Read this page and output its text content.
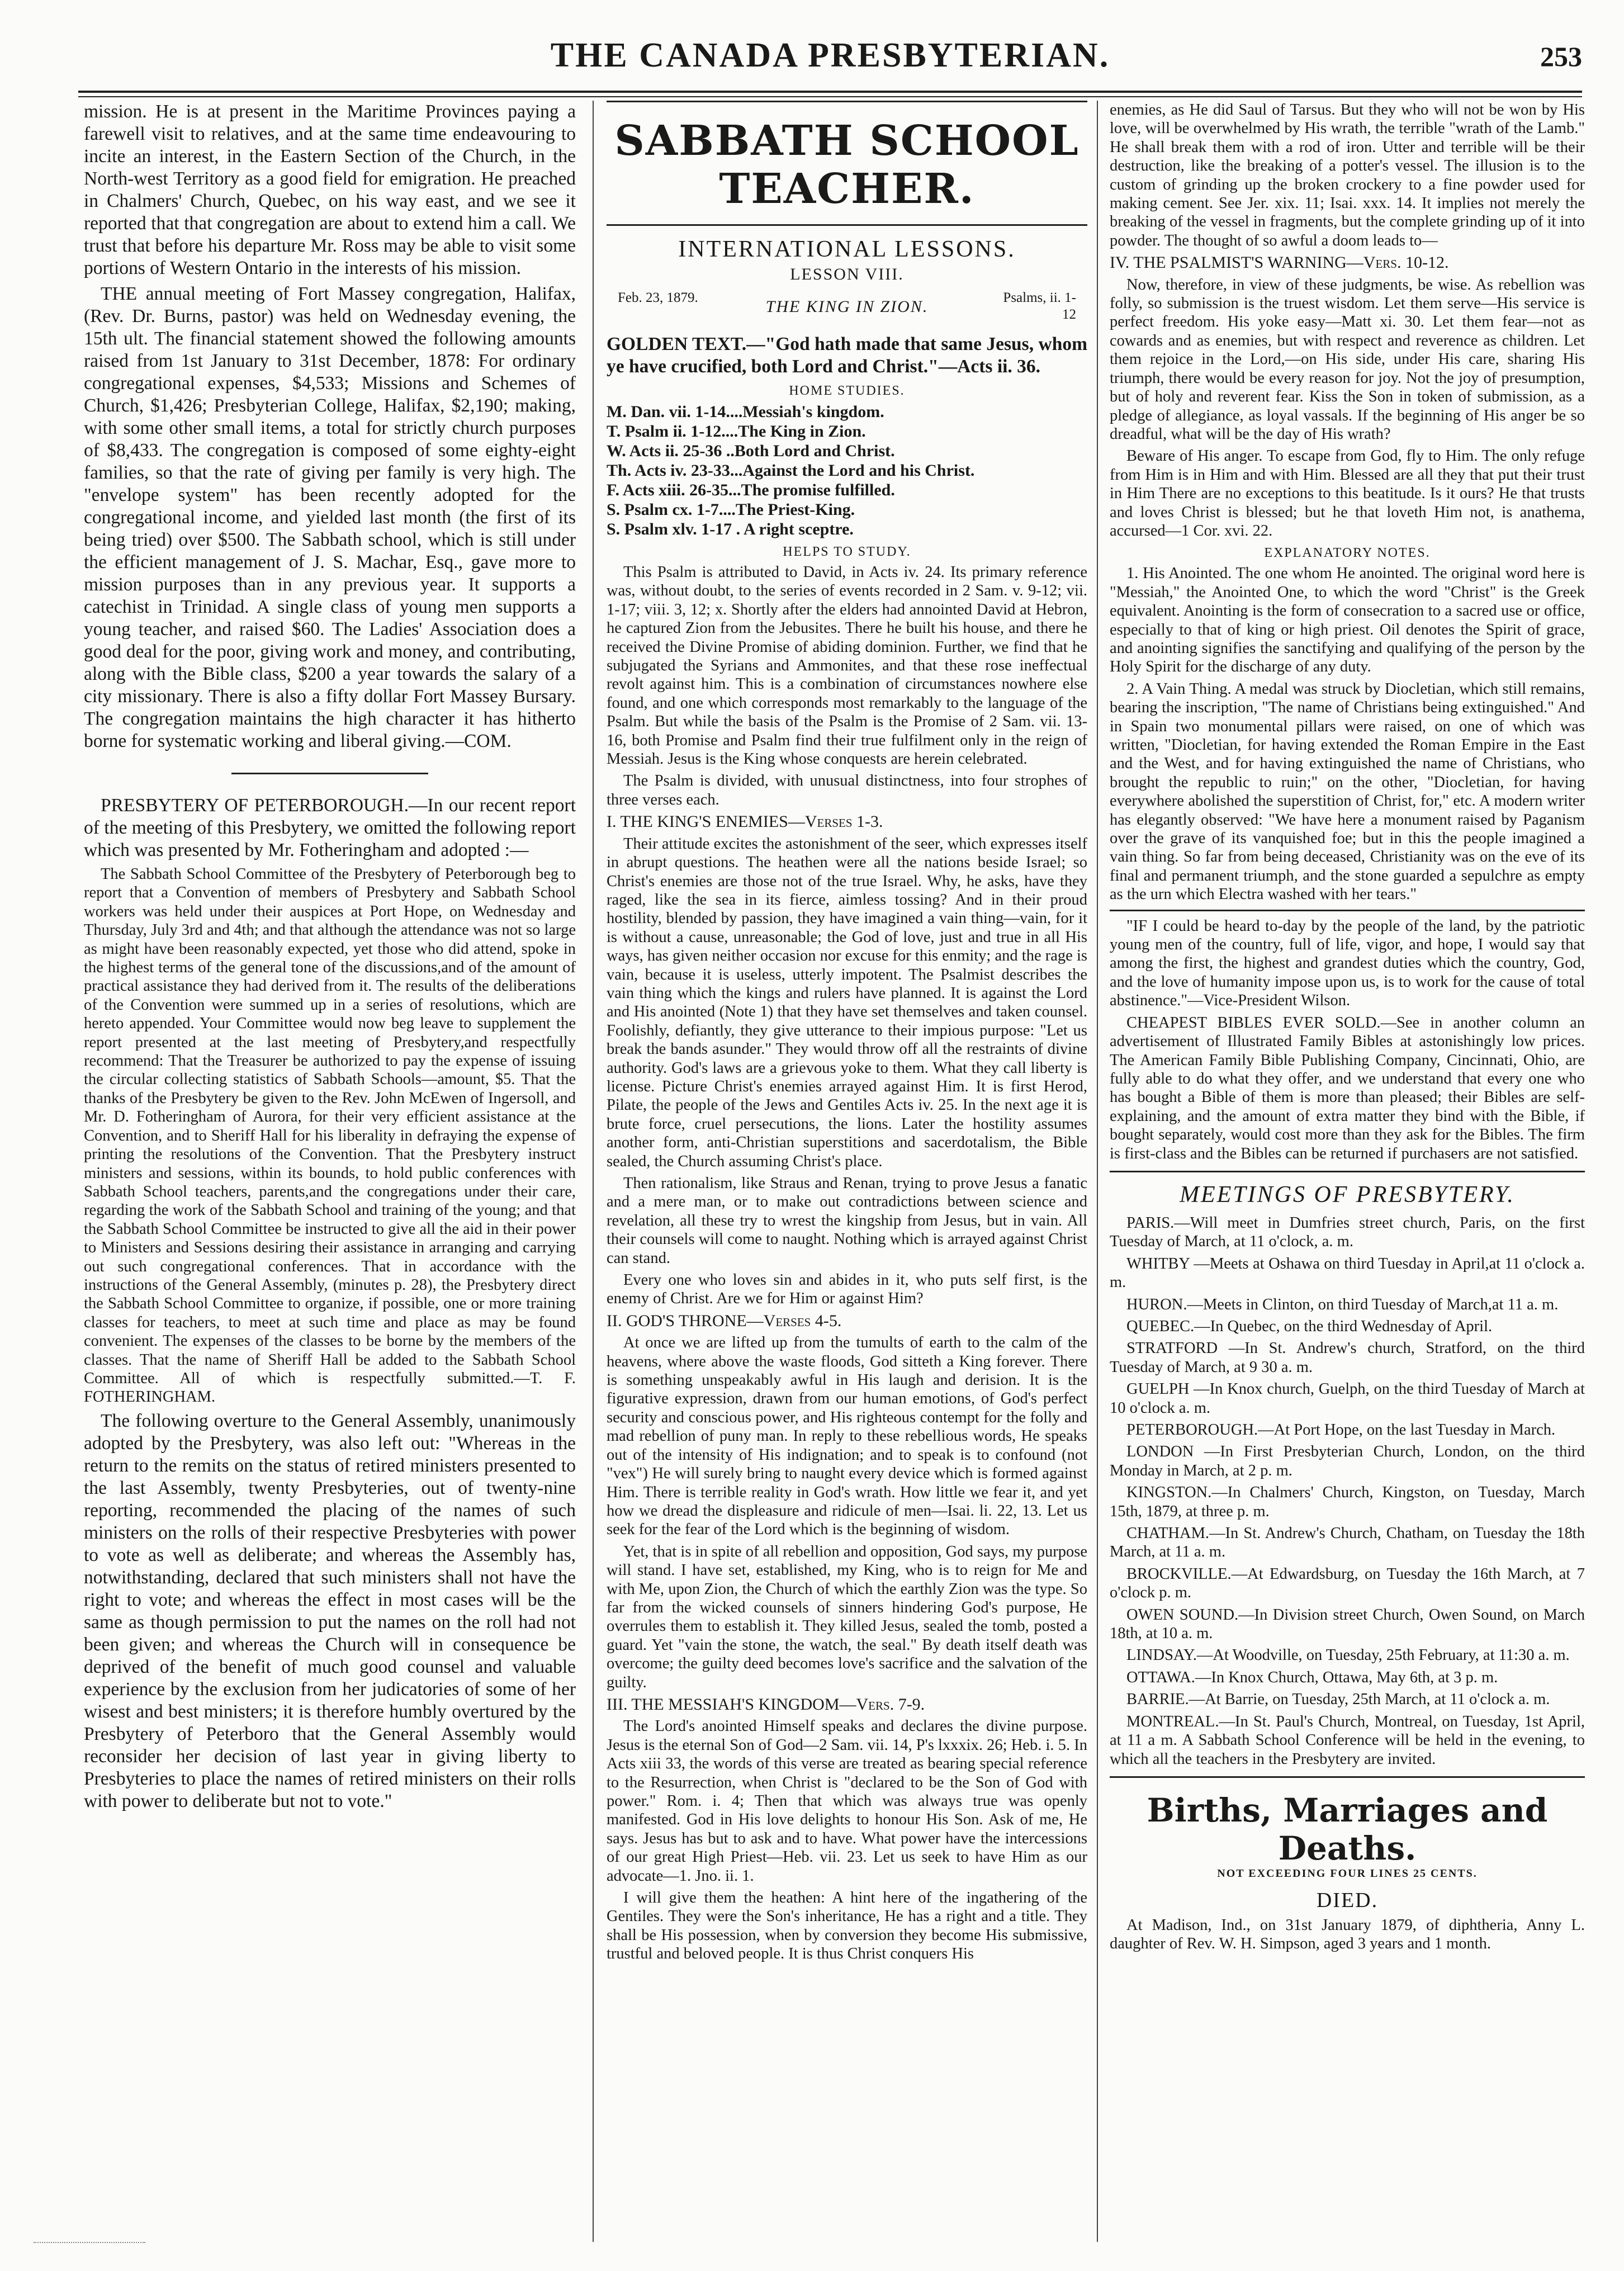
THE CANADA PRESBYTERIAN.	253

mission. He is at present in the Maritime Provinces paying a farewell visit to relatives, and at the same time endeavouring to incite an interest, in the Eastern Section of the Church, in the North-west Territory as a good field for emigration. He preached in Chalmers' Church, Quebec, on his way east, and we see it reported that that congregation are about to extend him a call. We trust that before his departure Mr. Ross may be able to visit some portions of Western Ontario in the interests of his mission.

THE annual meeting of Fort Massey congregation, Halifax, (Rev. Dr. Burns, pastor) was held on Wednesday evening, the 15th ult. The financial statement showed the following amounts raised from 1st January to 31st December, 1878: For ordinary congregational expenses, $4,533; Missions and Schemes of Church, $1,426; Presbyterian College, Halifax, $2,190; making, with some other small items, a total for strictly church purposes of $8,433. The congregation is composed of some eighty-eight families, so that the rate of giving per family is very high. The "envelope system" has been recently adopted for the congregational income, and yielded last month (the first of its being tried) over $500. The Sabbath school, which is still under the efficient management of J. S. Machar, Esq., gave more to mission purposes than in any previous year. It supports a catechist in Trinidad. A single class of young men supports a young teacher, and raised $60. The Ladies' Association does a good deal for the poor, giving work and money, and contributing, along with the Bible class, $200 a year towards the salary of a city missionary. There is also a fifty dollar Fort Massey Bursary. The congregation maintains the high character it has hitherto borne for systematic working and liberal giving.—COM.

PRESBYTERY OF PETERBOROUGH.—In our recent report of the meeting of this Presbytery, we omitted the following report which was presented by Mr. Fotheringham and adopted :—

The Sabbath School Committee of the Presbytery of Peterborough beg to report that a Convention of members of Presbytery and Sabbath School workers was held under their auspices at Port Hope, on Wednesday and Thursday, July 3rd and 4th; and that although the attendance was not so large as might have been reasonably expected, yet those who did attend, spoke in the highest terms of the general tone of the discussions,and of the amount of practical assistance they had derived from it. The results of the deliberations of the Convention were summed up in a series of resolutions, which are hereto appended. Your Committee would now beg leave to supplement the report presented at the last meeting of Presbytery,and respectfully recommend: That the Treasurer be authorized to pay the expense of issuing the circular collecting statistics of Sabbath Schools—amount, $5. That the thanks of the Presbytery be given to the Rev. John McEwen of Ingersoll, and Mr. D. Fotheringham of Aurora, for their very efficient assistance at the Convention, and to Sheriff Hall for his liberality in defraying the expense of printing the resolutions of the Convention. That the Presbytery instruct ministers and sessions, within its bounds, to hold public conferences with Sabbath School teachers, parents,and the congregations under their care, regarding the work of the Sabbath School and training of the young; and that the Sabbath School Committee be instructed to give all the aid in their power to Ministers and Sessions desiring their assistance in arranging and carrying out such congregational conferences. That in accordance with the instructions of the General Assembly, (minutes p. 28), the Presbytery direct the Sabbath School Committee to organize, if possible, one or more training classes for teachers, to meet at such time and place as may be found convenient. The expenses of the classes to be borne by the members of the classes. That the name of Sheriff Hall be added to the Sabbath School Committee. All of which is respectfully submitted.—T. F. FOTHERINGHAM.

The following overture to the General Assembly, unanimously adopted by the Presbytery, was also left out: "Whereas in the return to the remits on the status of retired ministers presented to the last Assembly, twenty Presbyteries, out of twenty-nine reporting, recommended the placing of the names of such ministers on the rolls of their respective Presbyteries with power to vote as well as deliberate; and whereas the Assembly has, notwithstanding, declared that such ministers shall not have the right to vote; and whereas the effect in most cases will be the same as though permission to put the names on the roll had not been given; and whereas the Church will in consequence be deprived of the benefit of much good counsel and valuable experience by the exclusion from her judicatories of some of her wisest and best ministers; it is therefore humbly overtured by the Presbytery of Peterboro that the General Assembly would reconsider her decision of last year in giving liberty to Presbyteries to place the names of retired ministers on their rolls with power to deliberate but not to vote."

SABBATH SCHOOL TEACHER.
INTERNATIONAL LESSONS.
LESSON VIII.
Feb. 23, 1879.	THE KING IN ZION.	Psalms, ii. 1-12

GOLDEN TEXT.—"God hath made that same Jesus, whom ye have crucified, both Lord and Christ."—Acts ii. 36.

HOME STUDIES.

M. Dan. vii. 1-14....Messiah's kingdom.

T. Psalm ii. 1-12....The King in Zion.

W. Acts ii. 25-36 ..Both Lord and Christ.

Th. Acts iv. 23-33...Against the Lord and his Christ.

F. Acts xiii. 26-35...The promise fulfilled.

S. Psalm cx. 1-7....The Priest-King.

S. Psalm xlv. 1-17 . A right sceptre.

HELPS TO STUDY.

This Psalm is attributed to David, in Acts iv. 24. Its primary reference was, without doubt, to the series of events recorded in 2 Sam. v. 9-12; vii. 1-17; viii. 3, 12; x. Shortly after the elders had annointed David at Hebron, he captured Zion from the Jebusites. There he built his house, and there he received the Divine Promise of abiding dominion. Further, we find that he subjugated the Syrians and Ammonites, and that these rose ineffectual revolt against him. This is a combination of circumstances nowhere else found, and one which corresponds most remarkably to the language of the Psalm. But while the basis of the Psalm is the Promise of 2 Sam. vii. 13-16, both Promise and Psalm find their true fulfilment only in the reign of Messiah. Jesus is the King whose conquests are herein celebrated.

The Psalm is divided, with unusual distinctness, into four strophes of three verses each.

I. THE KING'S ENEMIES—Verses 1-3.

Their attitude excites the astonishment of the seer, which expresses itself in abrupt questions. The heathen were all the nations beside Israel; so Christ's enemies are those not of the true Israel. Why, he asks, have they raged, like the sea in its fierce, aimless tossing? And in their proud hostility, blended by passion, they have imagined a vain thing—vain, for it is without a cause, unreasonable; the God of love, just and true in all His ways, has given neither occasion nor excuse for this enmity; and the rage is vain, because it is useless, utterly impotent. The Psalmist describes the vain thing which the kings and rulers have planned. It is against the Lord and His anointed (Note 1) that they have set themselves and taken counsel. Foolishly, defiantly, they give utterance to their impious purpose: "Let us break the bands asunder." They would throw off all the restraints of divine authority. God's laws are a grievous yoke to them. What they call liberty is license. Picture Christ's enemies arrayed against Him. It is first Herod, Pilate, the people of the Jews and Gentiles Acts iv. 25. In the next age it is brute force, cruel persecutions, the lions. Later the hostility assumes another form, anti-Christian superstitions and sacerdotalism, the Bible sealed, the Church assuming Christ's place.

Then rationalism, like Straus and Renan, trying to prove Jesus a fanatic and a mere man, or to make out contradictions between science and revelation, all these try to wrest the kingship from Jesus, but in vain. All their counsels will come to naught. Nothing which is arrayed against Christ can stand.

Every one who loves sin and abides in it, who puts self first, is the enemy of Christ. Are we for Him or against Him?

II. GOD'S THRONE—Verses 4-5.

At once we are lifted up from the tumults of earth to the calm of the heavens, where above the waste floods, God sitteth a King forever. There is something unspeakably awful in His laugh and derision. It is the figurative expression, drawn from our human emotions, of God's perfect security and conscious power, and His righteous contempt for the folly and mad rebellion of puny man. In reply to these rebellious words, He speaks out of the intensity of His indignation; and to speak is to confound (not "vex") He will surely bring to naught every device which is formed against Him. There is terrible reality in God's wrath. How little we fear it, and yet how we dread the displeasure and ridicule of men—Isai. li. 22, 13. Let us seek for the fear of the Lord which is the beginning of wisdom.

Yet, that is in spite of all rebellion and opposition, God says, my purpose will stand. I have set, established, my King, who is to reign for Me and with Me, upon Zion, the Church of which the earthly Zion was the type. So far from the wicked counsels of sinners hindering God's purpose, He overrules them to establish it. They killed Jesus, sealed the tomb, posted a guard. Yet "vain the stone, the watch, the seal." By death itself death was overcome; the guilty deed becomes love's sacrifice and the salvation of the guilty.

III. THE MESSIAH'S KINGDOM—Vers. 7-9.

The Lord's anointed Himself speaks and declares the divine purpose. Jesus is the eternal Son of God—2 Sam. vii. 14, P's lxxxix. 26; Heb. i. 5. In Acts xiii 33, the words of this verse are treated as bearing special reference to the Resurrection, when Christ is "declared to be the Son of God with power." Rom. i. 4; Then that which was always true was openly manifested. God in His love delights to honour His Son. Ask of me, He says. Jesus has but to ask and to have. What power have the intercessions of our great High Priest—Heb. vii. 23. Let us seek to have Him as our advocate—1. Jno. ii. 1.

I will give them the heathen: A hint here of the ingathering of the Gentiles. They were the Son's inheritance, He has a right and a title. They shall be His possession, when by conversion they become His submissive, trustful and beloved people. It is thus Christ conquers His

enemies, as He did Saul of Tarsus. But they who will not be won by His love, will be overwhelmed by His wrath, the terrible "wrath of the Lamb." He shall break them with a rod of iron. Utter and terrible will be their destruction, like the breaking of a potter's vessel. The illusion is to the custom of grinding up the broken crockery to a fine powder used for making cement. See Jer. xix. 11; Isai. xxx. 14. It implies not merely the breaking of the vessel in fragments, but the complete grinding up of it into powder. The thought of so awful a doom leads to—

IV. THE PSALMIST'S WARNING—Vers. 10-12.

Now, therefore, in view of these judgments, be wise. As rebellion was folly, so submission is the truest wisdom. Let them serve—His service is perfect freedom. His yoke easy—Matt xi. 30. Let them fear—not as cowards and as enemies, but with respect and reverence as children. Let them rejoice in the Lord,—on His side, under His care, sharing His triumph, there would be every reason for joy. Not the joy of presumption, but of holy and reverent fear. Kiss the Son in token of submission, as a pledge of allegiance, as loyal vassals. If the beginning of His anger be so dreadful, what will be the day of His wrath?

Beware of His anger. To escape from God, fly to Him. The only refuge from Him is in Him and with Him. Blessed are all they that put their trust in Him There are no exceptions to this beatitude. Is it ours? He that trusts and loves Christ is blessed; but he that loveth Him not, is anathema, accursed—1 Cor. xvi. 22.

EXPLANATORY NOTES.

1. His Anointed. The one whom He anointed. The original word here is "Messiah," the Anointed One, to which the word "Christ" is the Greek equivalent. Anointing is the form of consecration to a sacred use or office, especially to that of king or high priest. Oil denotes the Spirit of grace, and anointing signifies the sanctifying and qualifying of the person by the Holy Spirit for the discharge of any duty.

2. A Vain Thing. A medal was struck by Diocletian, which still remains, bearing the inscription, "The name of Christians being extinguished." And in Spain two monumental pillars were raised, on one of which was written, "Diocletian, for having extended the Roman Empire in the East and the West, and for having extinguished the name of Christians, who brought the republic to ruin;" on the other, "Diocletian, for having everywhere abolished the superstition of Christ, for," etc. A modern writer has elegantly observed: "We have here a monument raised by Paganism over the grave of its vanquished foe; but in this the people imagined a vain thing. So far from being deceased, Christianity was on the eve of its final and permanent triumph, and the stone guarded a sepulchre as empty as the urn which Electra washed with her tears."

"IF I could be heard to-day by the people of the land, by the patriotic young men of the country, full of life, vigor, and hope, I would say that among the first, the highest and grandest duties which the country, God, and the love of humanity impose upon us, is to work for the cause of total abstinence."—Vice-President Wilson.

CHEAPEST BIBLES EVER SOLD.—See in another column an advertisement of Illustrated Family Bibles at astonishingly low prices. The American Family Bible Publishing Company, Cincinnati, Ohio, are fully able to do what they offer, and we understand that every one who has bought a Bible of them is more than pleased; their Bibles are self-explaining, and the amount of extra matter they bind with the Bible, if bought separately, would cost more than they ask for the Bibles. The firm is first-class and the Bibles can be returned if purchasers are not satisfied.

MEETINGS OF PRESBYTERY.

PARIS.—Will meet in Dumfries street church, Paris, on the first Tuesday of March, at 11 o'clock, a. m.

WHITBY —Meets at Oshawa on third Tuesday in April,at 11 o'clock a. m.

HURON.—Meets in Clinton, on third Tuesday of March,at 11 a. m.

QUEBEC.—In Quebec, on the third Wednesday of April.

STRATFORD —In St. Andrew's church, Stratford, on the third Tuesday of March, at 9 30 a. m.

GUELPH —In Knox church, Guelph, on the third Tuesday of March at 10 o'clock a. m.

PETERBOROUGH.—At Port Hope, on the last Tuesday in March.

LONDON —In First Presbyterian Church, London, on the third Monday in March, at 2 p. m.

KINGSTON.—In Chalmers' Church, Kingston, on Tuesday, March 15th, 1879, at three p. m.

CHATHAM.—In St. Andrew's Church, Chatham, on Tuesday the 18th March, at 11 a. m.

BROCKVILLE.—At Edwardsburg, on Tuesday the 16th March, at 7 o'clock p. m.

OWEN SOUND.—In Division street Church, Owen Sound, on March 18th, at 10 a. m.

LINDSAY.—At Woodville, on Tuesday, 25th February, at 11:30 a. m.

OTTAWA.—In Knox Church, Ottawa, May 6th, at 3 p. m.

BARRIE.—At Barrie, on Tuesday, 25th March, at 11 o'clock a. m.

MONTREAL.—In St. Paul's Church, Montreal, on Tuesday, 1st April, at 11 a m. A Sabbath School Conference will be held in the evening, to which all the teachers in the Presbytery are invited.

Births, Marriages and Deaths.
NOT EXCEEDING FOUR LINES 25 CENTS.
DIED.

At Madison, Ind., on 31st January 1879, of diphtheria, Anny L. daughter of Rev. W. H. Simpson, aged 3 years and 1 month.
